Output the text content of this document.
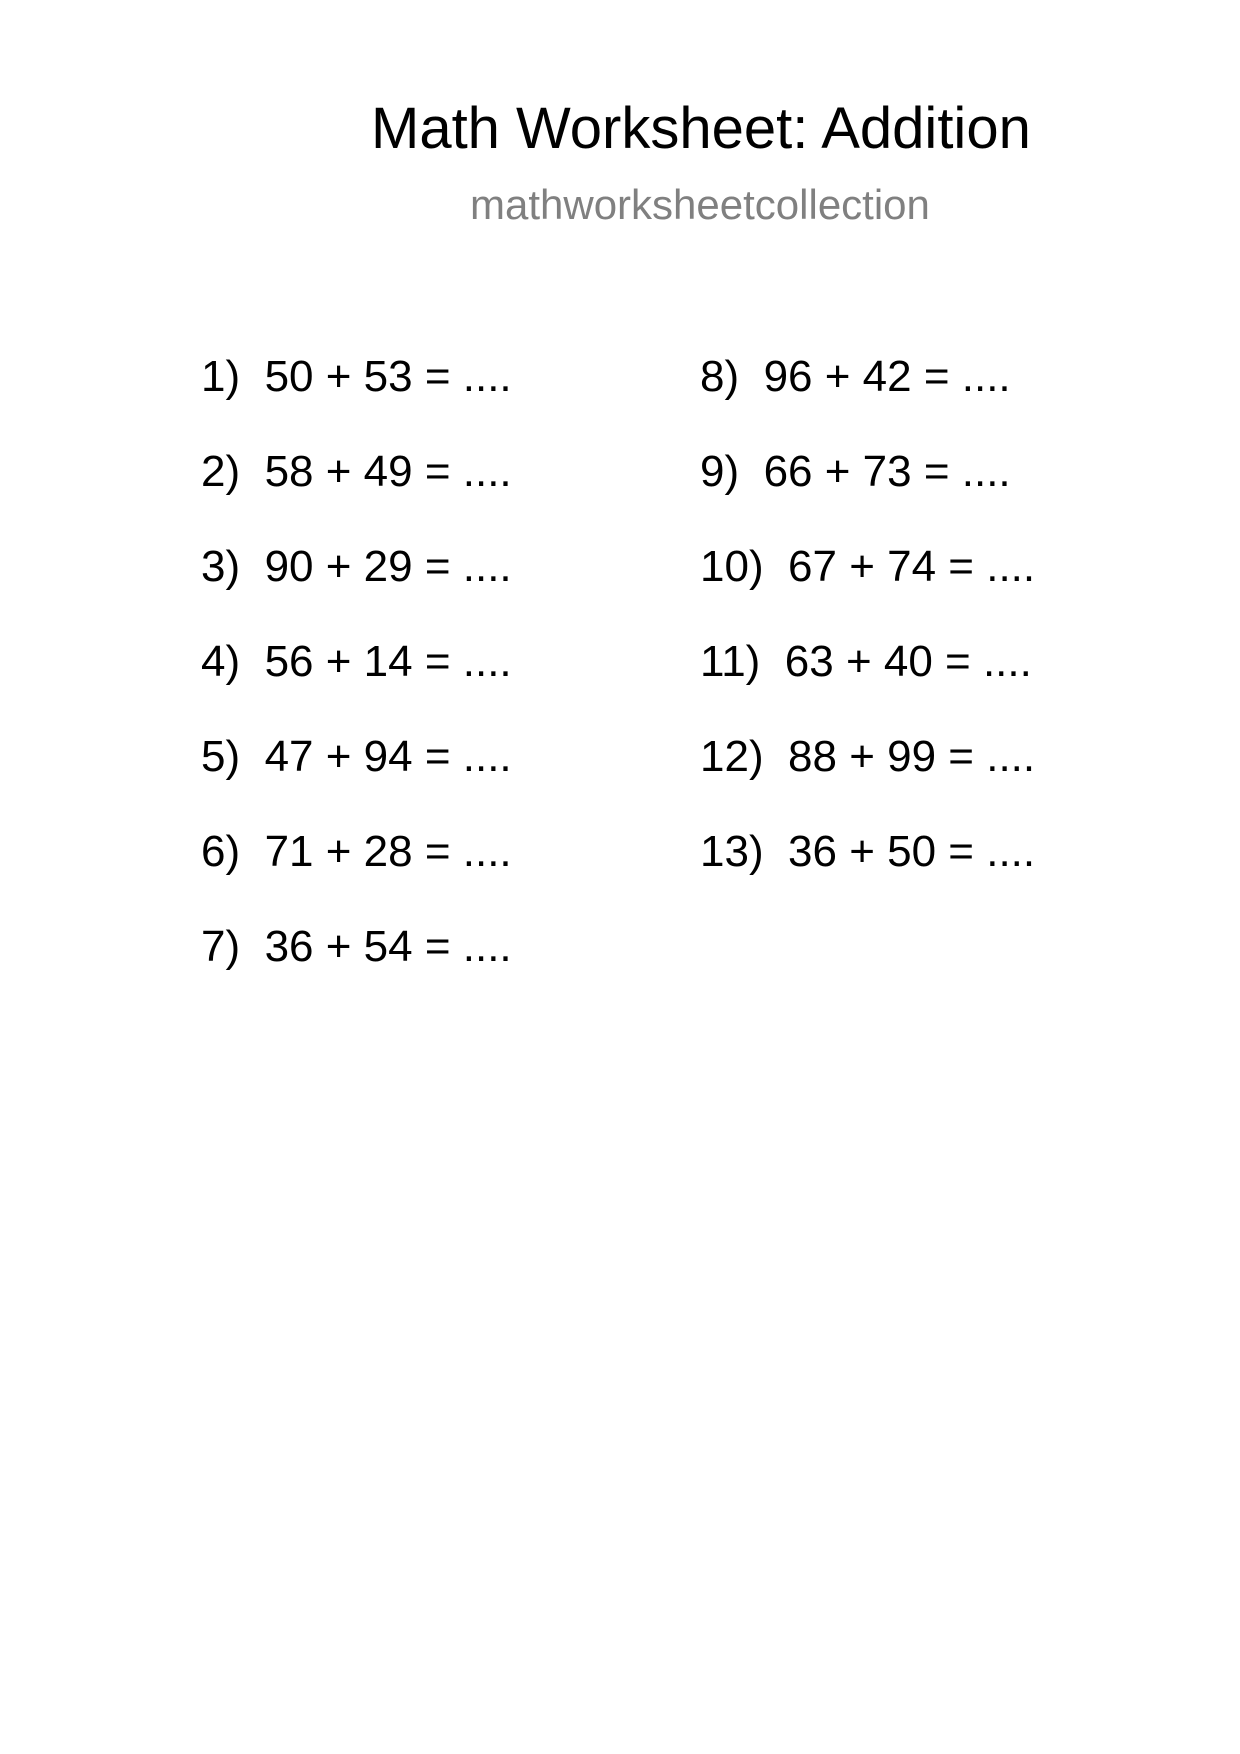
Math Worksheet: Addition
mathworksheetcollection
1)  50 + 53 = ....
2)  58 + 49 = ....
3)  90 + 29 = ....
4)  56 + 14 = ....
5)  47 + 94 = ....
6)  71 + 28 = ....
7)  36 + 54 = ....
8)  96 + 42 = ....
9)  66 + 73 = ....
10)  67 + 74 = ....
11)  63 + 40 = ....
12)  88 + 99 = ....
13)  36 + 50 = ....
